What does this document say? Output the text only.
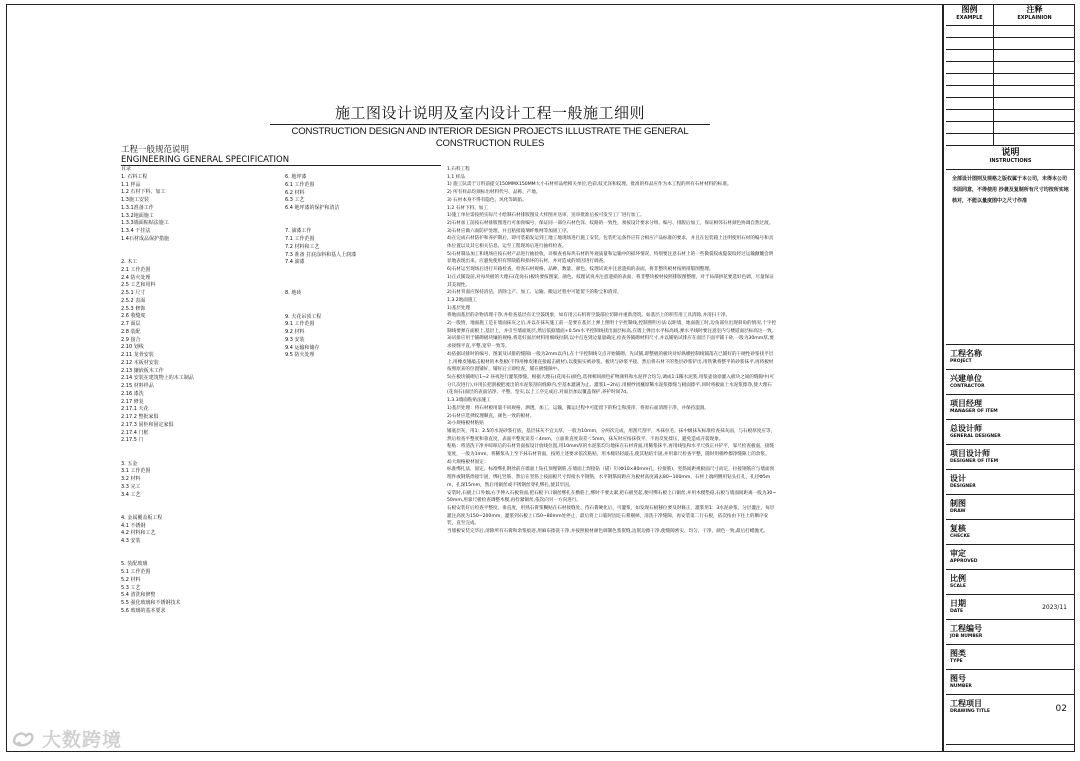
施工图设计说明及室内设计工程一般施工细则
CONSTRUCTION DESIGN AND INTERIOR DESIGN PROJECTS ILLUSTRATE THE GENERAL CONSTRUCTION RULES
工程一般规范说明
ENGINEERING GENERAL SPECIFICATION
目录
1. 石料工程
1.1 样品
1.2 石材下料、加工
1.3施工安装
1.3.1准备工作
1.3.2地面施工
1.3.3墙面粘贴法施工
1.3.4 干挂法
1.4石材成品保护措施
2. 木工
2.1 工作范围
2.4 防火处理
2.5 工艺和用料
2.5.1 尺寸
2.5.2 表面
2.5.3 修饰
2.6 收缝度
2.7 面层
2.8 装配
2.9 接合
2.10 划线
2.11 龙骨安装
2.12 木板材安装
2.13 镶嵌板木工作
2.14 安装在建筑物上的木工制品
2.15 材料样品
2.16 漆洗
2.17 修复
2.17.1 天花
2.17.2 整批家俱
2.17.3 固柜和固定家俱
2.17.4 门框
2.17.5 门
3. 五金
3.1 工作范围
3.2 材料
3.3 完工
3.4 工艺
4. 金属覆盖板工程
4.1 不锈钢
4.2 材料和工艺
4.3 安装
5. 装配玻璃
5.1 工作范围
5.2 材料
5.3 工艺
5.4 清洗和修整
5.5 强化玻璃和不锈钢技术
5.6 玻璃的基本要求
6. 地坪漆
6.1 工作范围
6.2 材料
6.3 工艺
6.4 地坪漆的保护和清洁
7. 油漆工作
7.1 工作范围
7.2 材料和工艺
7.3 准备 打底涂料和基人上润漆
7.4 油漆
8. 地砖
9. 夫花吊顶工程
9.1 工作范围
9.2 材料
9.3 安装
9.4 运输和储存
9.5 防火处理

1.石料工程

1.1 样品

1) 施工队需于订料前提交150MMX150MM大小石材样品给相关单位,色彩,纹光泽和纹理。批准的样品应作为本工程的所有石材材料的标准。

2) 所有样品均须标出材料代号、品称、产地。

3) 石材本身不得有隐色、风化等缺陷。

1.2 石材下料、加工

1)施工单位需按照实际尺寸绘制石材排版图及大样图并送审，送审批准后按可发至工厂进行加工。

2)石材加工前按石材排版图进行可加预编号，保证同一部位石材色泽、纹路的一致性，须按设计要求分组、编号、排版后加工，保证相邻石材颜色协调自然过渡。

3)石材应做六面防护处理，并且粘接玻璃纤维网等加固工序。

4)在完成石材防护和养护期后，即可装箱发运到工地工地现场进行施工安装。包装贮运条件应符合相应产品标准的要求，并且在包装箱上注明使用石材的编号和具体位置以及其它相关信息。运至工程现场后进行抽样检查。

5)石材制品加工和现场应按石材产品进行抽验收。详细查看每块石材的外观质量和运输中的损坏情况，特别要注意石材上的一些微裂纹或隐裂纹经过运输颠簸会明显地表现出来。应避免使用有带缺陷和损坏的石材，并对造成的原因进行调查。

6)石材运至现场后进行开箱检查，检查石材规格、品种、数量、颜色、纹理试说并注意遗损的表面，将非整块板材按照排版图整理。

1)正式铺设前,对每块板的大理石(花岗石)板块要按图案、颜色、纹理试说并注意遗损的表面，将非整块板材按照排版图整理，对于局部拼花要选好色调，尽量保证其美观性。

2)石材背面应保持清洁，清除尘产、加工、运输、搬运过程中可能留下的粉尘和渣滓。

1.3.2地面施工

1)基层处理

将地面基层的杂物清理干净,并检查基层有无空鼓现象，如有用云石机将空鼓部位切除并重新浇筑。如基层上的积雪用工具清除,并清扫干净。

2)一般情，地面施工是在墙面抹灰之后,并以在抹灰施工前一是要在基层上弹上照明十字控制线,控制照明方法:以距墙，地面施工时,边角部位出现斜角的情况,十字控制线要弹在面板上,基层上，并引至墙面底层,然后依据墙面+0.5m水平控制线找出面层标高,在墙上弹出水平标高线,弹水平线时要注意室内与楼道面层标高这一致。

3)试排应用于铺砌板块镶的规格,将选好面层材料用细线拉制,以中点连到边量量确定,检查各铺砌材料尺寸,并以铺贴试排应在面层下面平铺干砂,一般为30mm厚,要求接缝平直,平整,宽窄一致等。

4)依据试排时的编号、图案及试排的缝隙(一般为2mm以内),在十字控制线交点开始铺砌。先试铺,即整板的板块对好纵横控制线铺落在已铺好的干硬性砂浆找平层上,用橡皮锤敲击板材的木垫板(不得用橡皮锤直接敲击板材),以使振实被砂浆。板块与砂浆平接，然后将石材下的垫层砂浆铲出,用铁锹将整平的砂浆抹平,再将板材按照原来的位置铺好，铺好后立即检查，铺在板缝隙中。

5)在板块铺砌后1~2 昼夜进行灌浆擦缝。根据大理石(花岗石)颜色,选择相同颜色矿物颜料和水泥拌合均匀,调成1:1稀水泥浆,用浆壶徐徐灌入板块之间的缝隙中(可分几次进行),并用长把刮板把流出的水泥浆刮向缝隙内,至基本灌满为止。灌浆1~2h后,用棉纱团蘸原稀水泥浆擦缝与板面擦平,同时将板面上水泥浆擦净,使大理石(花岗石)面层的表面洁净、平整、坚实,以上工序完成后,对面层加以覆盖保护,养护时间7d。

1.3.3墙面粘贴法施工

1)基层处理：将石材板用量不同规格，洒透，加工，运输，搬运过程中可能留下的粉尘和渣滓，将原石面清理干净，并保持湿润。

2)石材应选择纹理顺直，颜色一致的板材。

3)小规格板材粘贴

铺底层灰，用1：2.5的水泥砂浆打底，基层抹灰不宜太厚，一般为10mm，分两次完成，用刮尺刮平，木抹拉毛，抹中级抹灰标准检查抹灰面，与石板厚度应等，然后检查平整度和垂直度，表面平整度误差＜4mm，立面垂直度误差＜5mm，抹灰时应按抹找平，不再反复揉压，避免造成开裂现象。

粘贴：将清洗干净并晾晾后的石材背面按设计放线位置,用10mm厚的水泥浆均匀地抹在石材背面,用稀浆抹平,再用线坠和水平尺找正并铲平，靠尺检查板面，接缝宽度，一般为1mm，将稀浆从上至下抹石材背面，按照上述要求依次粘贴，用木槌轻轻敲击,使其粘结牢固,并用靠尺检查平整，随时用棉纱擦净缝隙上的余浆。

4)大规格板材固定：

标准绑扎法，固定，标准绑扎钢丝前在墙面上钻孔预埋钢筋,在墙面上焊接钻（锚）钉(Φ10×80mm孔，拉接筋)，竖筋间距视板面尺寸而定，拉接钢筋应与墙面预埋件或钢筋焊接牢固，绑扎竖筋，然后在竖筋上按面板尺寸焊接水平钢筋，水平钢筋间距应为板材高度减去80~100mm，石材上端两侧用钻头打孔，孔径Φ5mm，孔深15mm，然后用铜丝或不锈钢丝穿孔绑扎,使其牢固。

安装时,石板上口外倾,右手伸入石板背面,把石板下口铜丝绑扎在横筋上,绑时不要太紧,把石板竖起,便可绑石板上口铜丝,并用木楔垫稳,石板与墙面间距离一般为30~50mm,用靠尺板检查调整木楔,再拴紧铜丝,依次向另一方向进行。

石板安装好后检查平整度、垂直度，用熟石膏浆糊贴在石材接缝处，待石膏硬化后，可灌浆，如发现石板移位要及时修正，灌浆用1：3水泥砂浆，分层灌注，每层灌注高度为150~200mm，灌浆到石板上口50~80mm处停止，最后将上口临时固定石膏剔掉，清洗干净缝隙，再安装第二行石板，依次按由下往上的顺序安装，直至完成。

当墙板安装完毕后,清除所有石膏和余浆痕迹,用麻布擦洗干净,并按照板材颜色调制色浆嵌缝,边嵌边擦干净,使缝隙密实、均匀、干净、颜色一致,最后打蜡抛光。

图例
EXAMPLE
注释
EXPLAINION
说明
INSTRUCTIONS
全部设计图则及规格之版权属于本公司，未得本公司书面同意，不得使用 抄袭及复制所有尺寸均按所实地核对，不能以量度图中之尺寸作准
工程名称
PROJECT
兴建单位
CONTRACTOR
项目经理
MANAGER OF ITEM
总设计师
GENERAL DESIGNER
项目设计师
DESIGNER OF ITEM
设计
DESIGNER
制图
DRAW
复核
CHECKE
审定
APPROVED
比例
SCALE
日期
DATE
2023/11
工程编号
JOB NUMBER
图类
TYPE
图号
NUMBER
工程项目
DRAWING TITLE	02
大数跨境
